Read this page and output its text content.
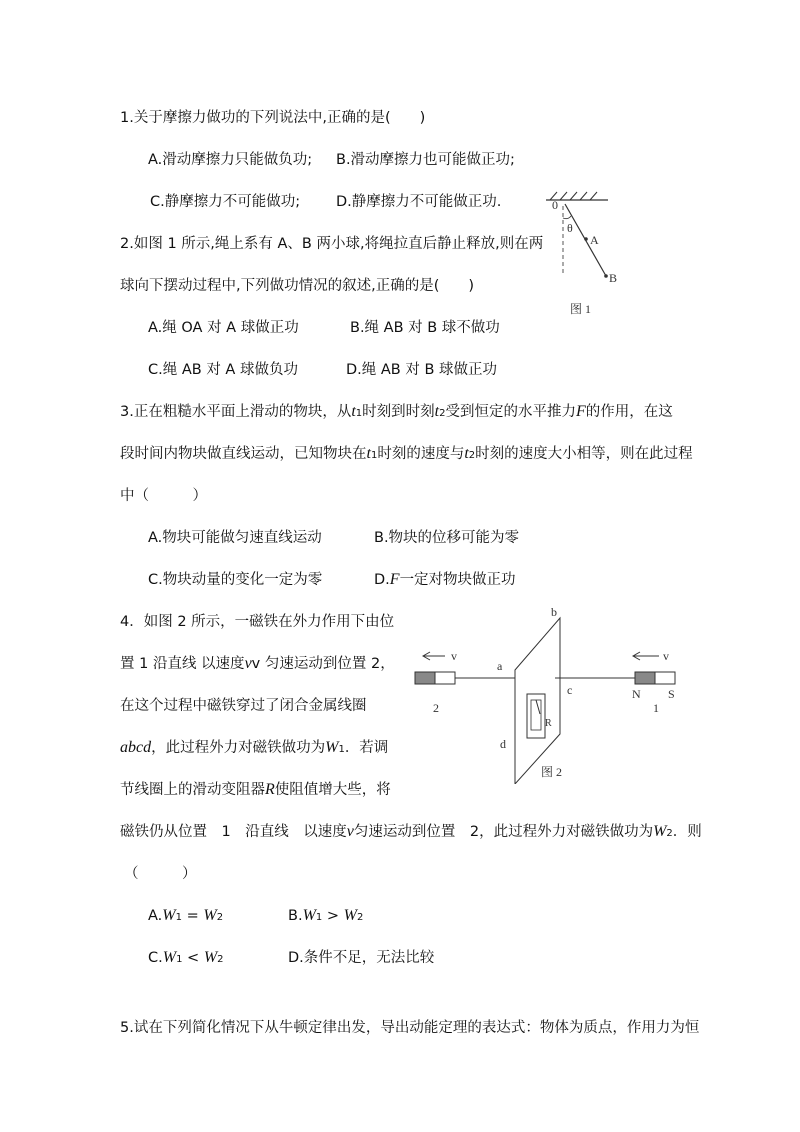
1.关于摩擦力做功的下列说法中,正确的是(　　)
A.滑动摩擦力只能做负功; B.滑动摩擦力也可能做正功;
C.静摩擦力不可能做功; D.静摩擦力不可能做正功.
2.如图 1 所示,绳上系有 A、B 两小球,将绳拉直后静止释放,则在两
球向下摆动过程中,下列做功情况的叙述,正确的是(　　)
A.绳 OA 对 A 球做正功	B.绳 AB 对 B 球不做功
C.绳 AB 对 A 球做负功	D.绳 AB 对 B 球做正功
0
θ
A
B
图 1
3.正在粗糙水平面上滑动的物块，从t1时刻到时刻t2受到恒定的水平推力F的作用，在这
段时间内物块做直线运动，已知物块在t1时刻的速度与t2时刻的速度大小相等，则在此过程
中（　　　）
A.物块可能做匀速直线运动	B.物块的位移可能为零
C.物块动量的变化一定为零	D.F一定对物块做正功
4．如图 2 所示，一磁铁在外力作用下由位
置 1 沿直线 以速度vv 匀速运动到位置 2，
在这个过程中磁铁穿过了闭合金属线圈
abcd，此过程外力对磁铁做功为W1．若调
节线圈上的滑动变阻器R使阻值增大些，将
磁铁仍从位置　1　沿直线　以速度v匀速运动到位置　2，此过程外力对磁铁做功为W2．则
（　　　）
A.W1 = W2	B.W1 > W2
C.W1 < W2	D.条件不足，无法比较
v
2
b
a
c
d
R
v
N S
1
图 2
5.试在下列简化情况下从牛顿定律出发，导出动能定理的表达式：物体为质点，作用力为恒
